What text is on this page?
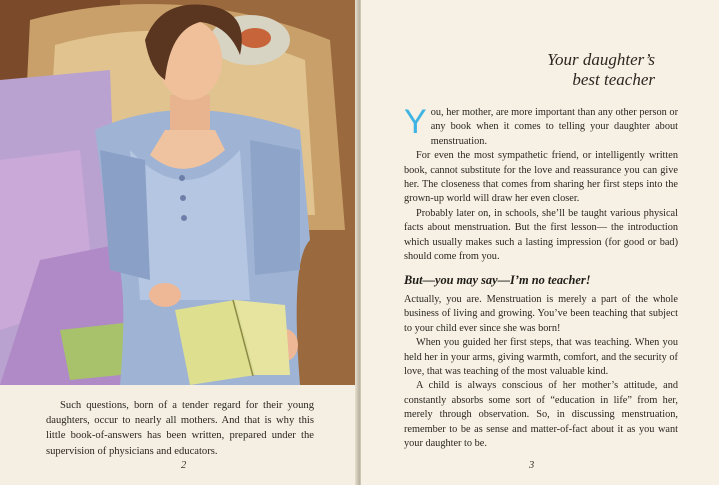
Such questions, born of a tender regard for their young daughters, occur to nearly all mothers. And that is why this little book-of-answers has been written, prepared under the supervision of physicians and educators.

2
Your daughter’s
best teacher

You, her mother, are more important than any other person or any book when it comes to telling your daughter about menstruation.

For even the most sympathetic friend, or intelligently written book, cannot substitute for the love and reassurance you can give her. The closeness that comes from sharing her first steps into the grown-up world will draw her even closer.

Probably later on, in schools, she’ll be taught various physical facts about menstruation. But the first lesson— the introduction which usually makes such a lasting impression (for good or bad) should come from you.

But—you may say—I’m no teacher!

Actually, you are. Menstruation is merely a part of the whole business of living and growing. You’ve been teaching that subject to your child ever since she was born!

When you guided her first steps, that was teaching. When you held her in your arms, giving warmth, comfort, and the security of love, that was teaching of the most valuable kind.

A child is always conscious of her mother’s attitude, and constantly absorbs some sort of “education in life” from her, merely through observation. So, in discussing menstruation, remember to be as sense and matter-of-fact about it as you want your daughter to be.

3
